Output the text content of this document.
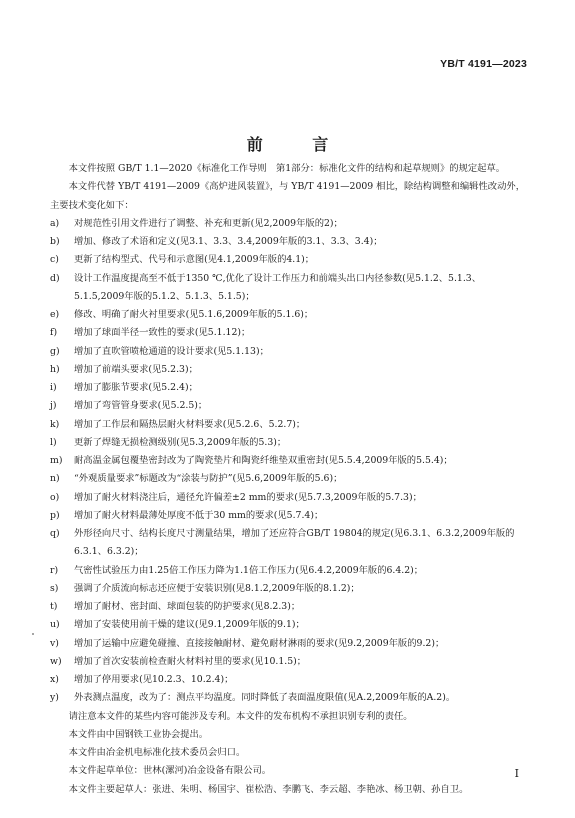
YB/T 4191—2023
前 言

本文件按照 GB/T 1.1—2020《标准化工作导则　第1部分：标准化文件的结构和起草规则》的规定起草。

本文件代替 YB/T 4191—2009《高炉进风装置》，与 YB/T 4191—2009 相比，除结构调整和编辑性改动外，主要技术变化如下：

a)	对规范性引用文件进行了调整、补充和更新(见2,2009年版的2)；
b)	增加、修改了术语和定义(见3.1、3.3、3.4,2009年版的3.1、3.3、3.4)；
c)	更新了结构型式、代号和示意图(见4.1,2009年版的4.1)；
d)	设计工作温度提高至不低于1350 ℃,优化了设计工作压力和前端头出口内径参数(见5.1.2、5.1.3、5.1.5,2009年版的5.1.2、5.1.3、5.1.5)；
e)	修改、明确了耐火衬里要求(见5.1.6,2009年版的5.1.6)；
f)	增加了球面半径一致性的要求(见5.1.12)；
g)	增加了直吹管喷枪通道的设计要求(见5.1.13)；
h)	增加了前端头要求(见5.2.3)；
i)	增加了膨胀节要求(见5.2.4)；
j)	增加了弯管管身要求(见5.2.5)；
k)	增加了工作层和隔热层耐火材料要求(见5.2.6、5.2.7)；
l)	更新了焊缝无损检测级别(见5.3,2009年版的5.3)；
m)	耐高温金属包覆垫密封改为了陶瓷垫片和陶瓷纤维垫双重密封(见5.5.4,2009年版的5.5.4)；
n)	“外观质量要求”标题改为“涂装与防护”(见5.6,2009年版的5.6)；
o)	增加了耐火材料浇注后，通径允许偏差±2 mm的要求(见5.7.3,2009年版的5.7.3)；
p)	增加了耐火材料最薄处厚度不低于30 mm的要求(见5.7.4)；
q)	外形径向尺寸、结构长度尺寸测量结果，增加了还应符合GB/T 19804的规定(见6.3.1、6.3.2,2009年版的6.3.1、6.3.2)；
r)	气密性试验压力由1.25倍工作压力降为1.1倍工作压力(见6.4.2,2009年版的6.4.2)；
s)	强调了介质流向标志还应便于安装识别(见8.1.2,2009年版的8.1.2)；
t)	增加了耐材、密封面、球面包装的防护要求(见8.2.3)；
u)	增加了安装使用前干燥的建议(见9.1,2009年版的9.1)；
v)	增加了运输中应避免碰撞、直接接触耐材、避免耐材淋雨的要求(见9.2,2009年版的9.2)；
w)	增加了首次安装前检查耐火材料衬里的要求(见10.1.5)；
x)	增加了停用要求(见10.2.3、10.2.4)；
y)	外表测点温度，改为了：测点平均温度。同时降低了表面温度限值(见A.2,2009年版的A.2)。

请注意本文件的某些内容可能涉及专利。本文件的发布机构不承担识别专利的责任。

本文件由中国钢铁工业协会提出。

本文件由冶金机电标准化技术委员会归口。

本文件起草单位：世林(漯河)冶金设备有限公司。

本文件主要起草人：张进、朱明、杨国宇、崔松浩、李鹏飞、李云超、李艳冰、杨卫朝、孙自卫。

I
